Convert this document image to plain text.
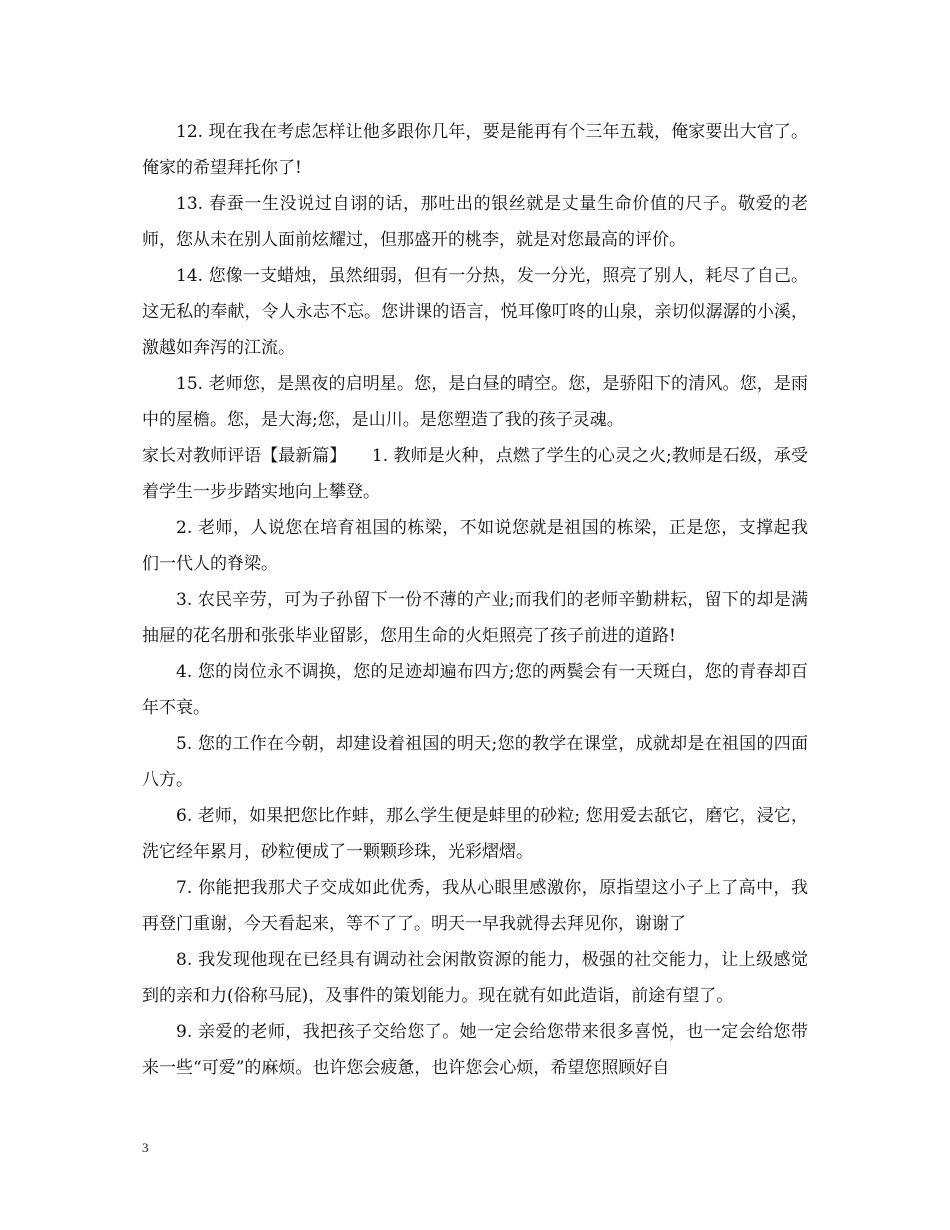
12. 现在我在考虑怎样让他多跟你几年，要是能再有个三年五载，俺家要出大官了。俺家的希望拜托你了!

13. 春蚕一生没说过自诩的话，那吐出的银丝就是丈量生命价值的尺子。敬爱的老师，您从未在别人面前炫耀过，但那盛开的桃李，就是对您最高的评价。

14. 您像一支蜡烛，虽然细弱，但有一分热，发一分光，照亮了别人，耗尽了自己。这无私的奉献，令人永志不忘。您讲课的语言，悦耳像叮咚的山泉，亲切似潺潺的小溪，激越如奔泻的江流。

15. 老师您，是黑夜的启明星。您，是白昼的晴空。您，是骄阳下的清风。您，是雨中的屋檐。您，是大海;您，是山川。是您塑造了我的孩子灵魂。

家长对教师评语【最新篇】   1. 教师是火种，点燃了学生的心灵之火;教师是石级，承受着学生一步步踏实地向上攀登。

2. 老师，人说您在培育祖国的栋梁，不如说您就是祖国的栋梁，正是您，支撑起我们一代人的脊梁。

3. 农民辛劳，可为子孙留下一份不薄的产业;而我们的老师辛勤耕耘，留下的却是满抽屉的花名册和张张毕业留影，您用生命的火炬照亮了孩子前进的道路!

4. 您的岗位永不调换，您的足迹却遍布四方;您的两鬓会有一天斑白，您的青春却百年不衰。

5. 您的工作在今朝，却建设着祖国的明天;您的教学在课堂，成就却是在祖国的四面八方。

6. 老师，如果把您比作蚌，那么学生便是蚌里的砂粒; 您用爱去舐它，磨它，浸它，洗它经年累月，砂粒便成了一颗颗珍珠，光彩熠熠。

7. 你能把我那犬子交成如此优秀，我从心眼里感激你，原指望这小子上了高中，我再登门重谢，今天看起来，等不了了。明天一早我就得去拜见你，谢谢了

8. 我发现他现在已经具有调动社会闲散资源的能力，极强的社交能力，让上级感觉到的亲和力(俗称马屁)，及事件的策划能力。现在就有如此造诣，前途有望了。

9. 亲爱的老师，我把孩子交给您了。她一定会给您带来很多喜悦，也一定会给您带来一些“可爱”的麻烦。也许您会疲惫，也许您会心烦，希望您照顾好自

3
